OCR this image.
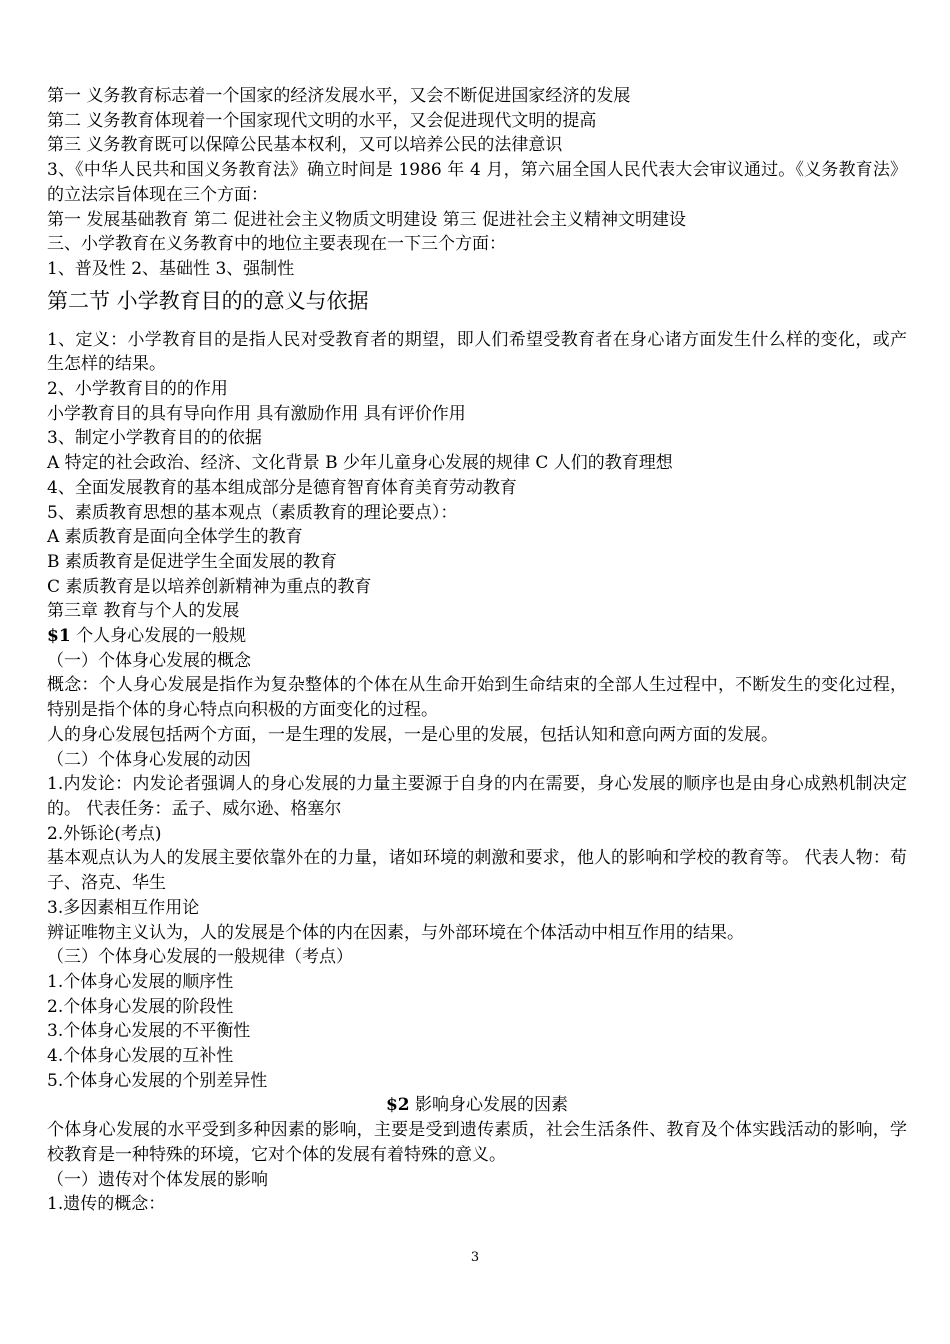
第一 义务教育标志着一个国家的经济发展水平，又会不断促进国家经济的发展

第二 义务教育体现着一个国家现代文明的水平，又会促进现代文明的提高

第三 义务教育既可以保障公民基本权利，又可以培养公民的法律意识

3、《中华人民共和国义务教育法》确立时间是 1986 年 4 月，第六届全国人民代表大会审议通过。《义务教育法》的立法宗旨体现在三个方面：

第一 发展基础教育 第二 促进社会主义物质文明建设 第三 促进社会主义精神文明建设

三、小学教育在义务教育中的地位主要表现在一下三个方面：

1、普及性 2、基础性 3、强制性

第二节 小学教育目的的意义与依据

1、定义：小学教育目的是指人民对受教育者的期望，即人们希望受教育者在身心诸方面发生什么样的变化，或产生怎样的结果。

2、小学教育目的的作用

小学教育目的具有导向作用 具有激励作用 具有评价作用

3、制定小学教育目的的依据

A 特定的社会政治、经济、文化背景 B 少年儿童身心发展的规律 C 人们的教育理想

4、全面发展教育的基本组成部分是德育智育体育美育劳动教育

5、素质教育思想的基本观点（素质教育的理论要点）：

A 素质教育是面向全体学生的教育

B 素质教育是促进学生全面发展的教育

C 素质教育是以培养创新精神为重点的教育

第三章 教育与个人的发展

$1 个人身心发展的一般规

（一）个体身心发展的概念

概念：个人身心发展是指作为复杂整体的个体在从生命开始到生命结束的全部人生过程中，不断发生的变化过程，特别是指个体的身心特点向积极的方面变化的过程。

人的身心发展包括两个方面，一是生理的发展，一是心里的发展，包括认知和意向两方面的发展。

（二）个体身心发展的动因

1.内发论：内发论者强调人的身心发展的力量主要源于自身的内在需要，身心发展的顺序也是由身心成熟机制决定的。 代表任务：孟子、威尔逊、格塞尔

2.外铄论(考点)

基本观点认为人的发展主要依靠外在的力量，诸如环境的刺激和要求，他人的影响和学校的教育等。 代表人物：荀子、洛克、华生

3.多因素相互作用论

辨证唯物主义认为，人的发展是个体的内在因素，与外部环境在个体活动中相互作用的结果。

（三）个体身心发展的一般规律（考点）

1.个体身心发展的顺序性

2.个体身心发展的阶段性

3.个体身心发展的不平衡性

4.个体身心发展的互补性

5.个体身心发展的个别差异性

$2 影响身心发展的因素

个体身心发展的水平受到多种因素的影响，主要是受到遗传素质，社会生活条件、教育及个体实践活动的影响，学校教育是一种特殊的环境，它对个体的发展有着特殊的意义。

（一）遗传对个体发展的影响

1.遗传的概念：

3
